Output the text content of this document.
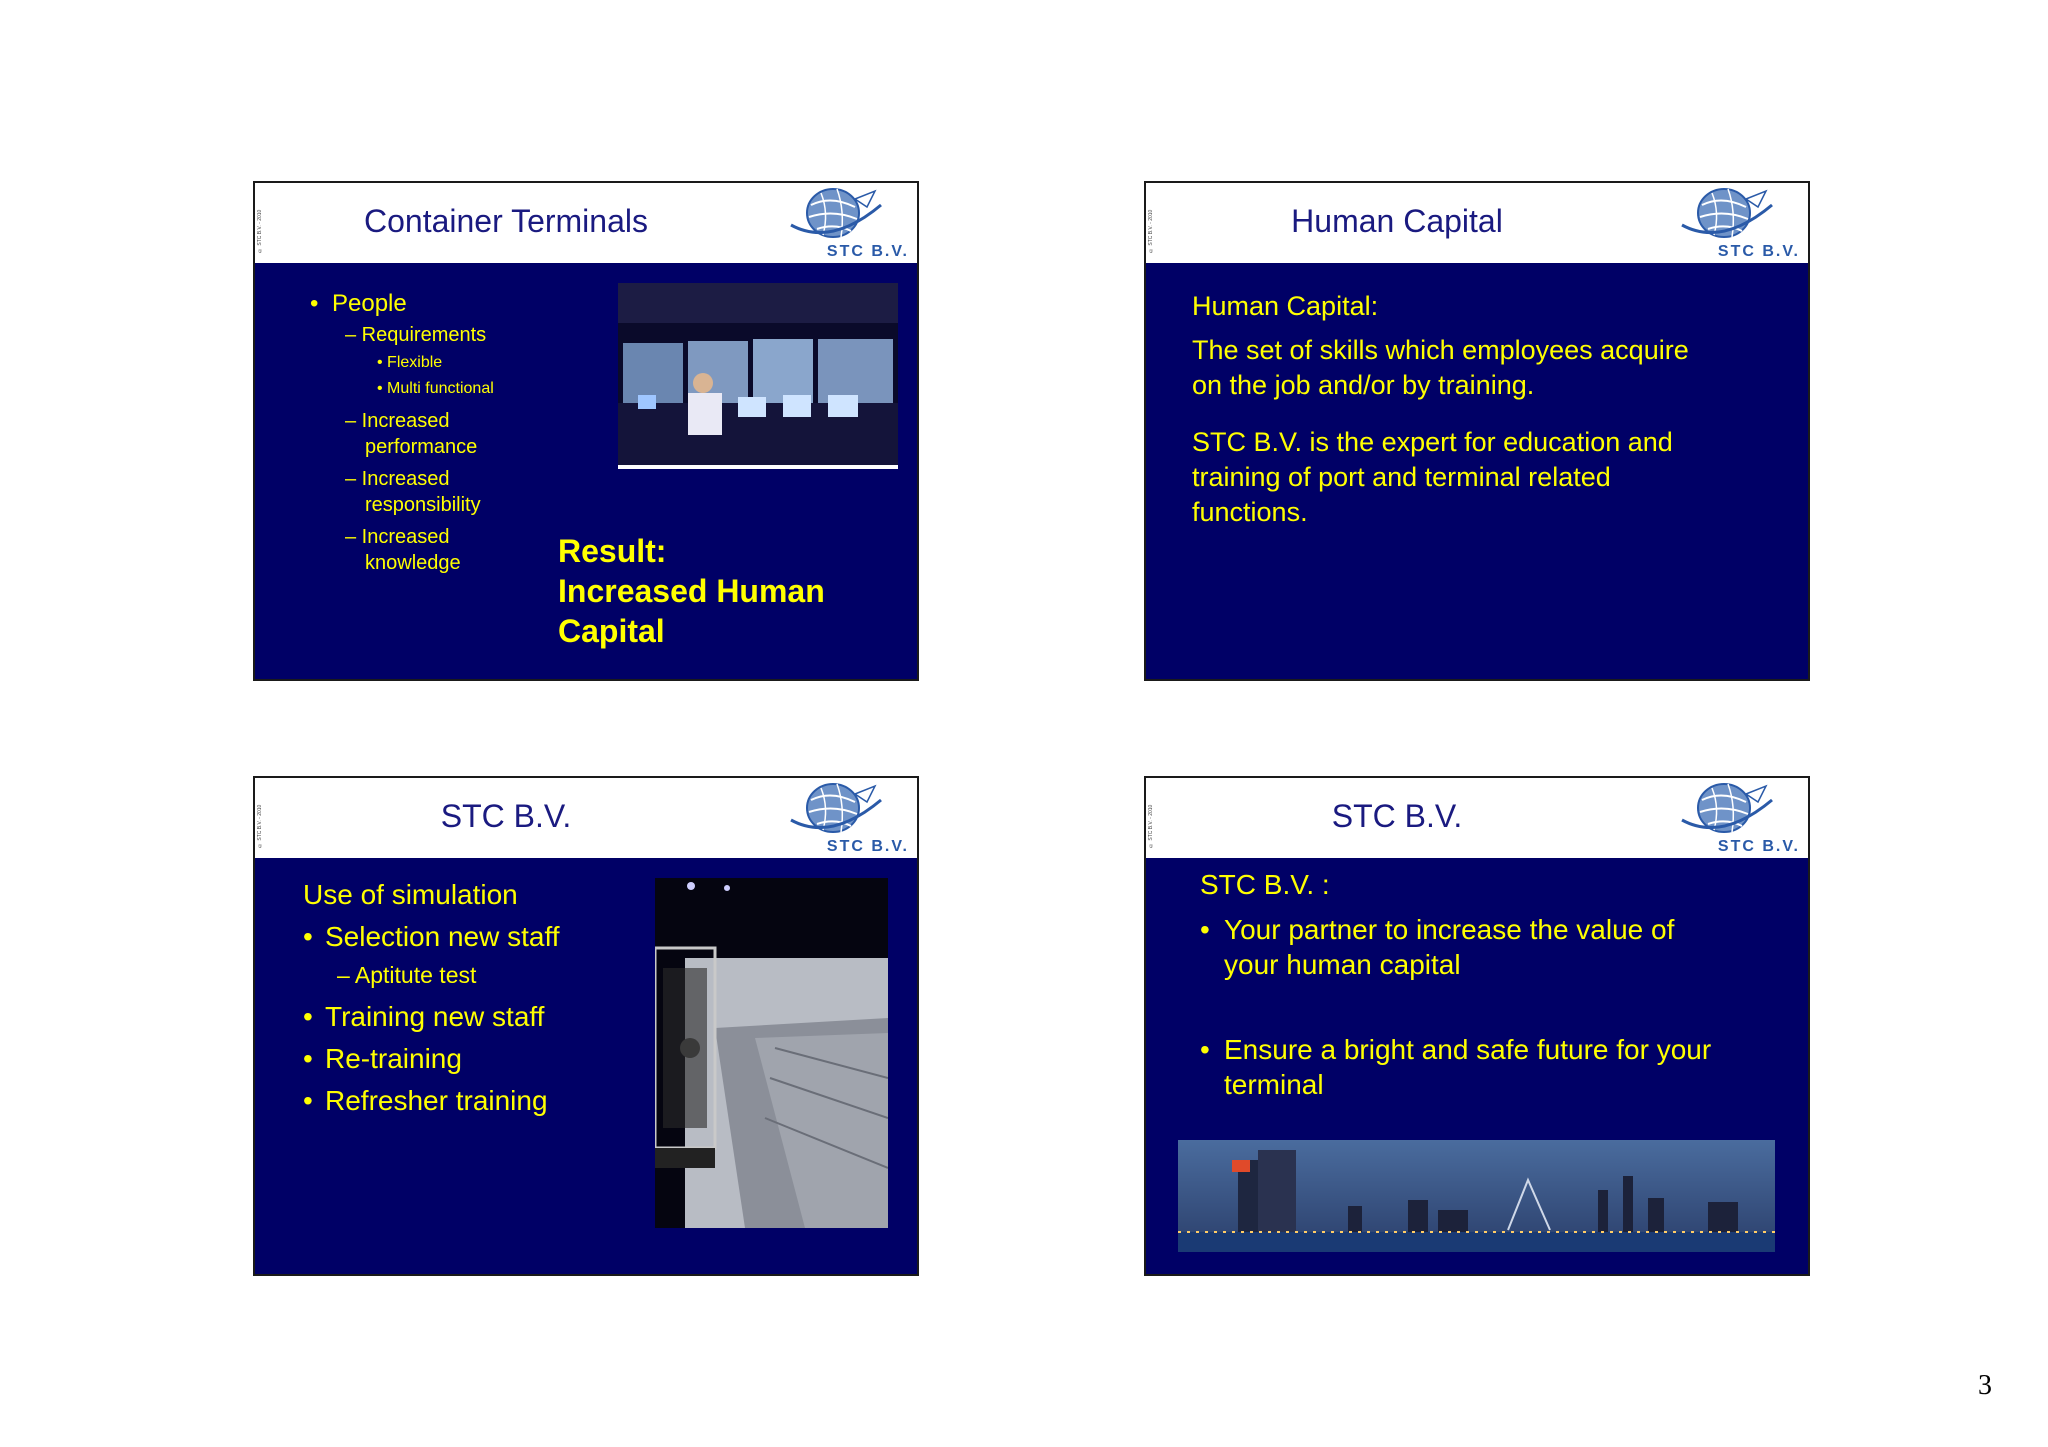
© STC B.V. - 2010	Container Terminals
STC B.V.
• People
– Requirements
• Flexible
• Multi functional
– Increased
performance
– Increased
responsibility
– Increased
knowledge	Result:
Increased Human
Capital
© STC B.V. - 2010	Human Capital
STC B.V.
Human Capital:
The set of skills which employees acquire
on the job and/or by training.
STC B.V. is the expert for education and
training of port and terminal related
functions.
© STC B.V. - 2010	STC B.V.
STC B.V.
Use of simulation
• Selection new staff
– Aptitute test
• Training new staff
• Re-training
• Refresher training
© STC B.V. - 2010	STC B.V.
STC B.V.
STC B.V. :
• Your partner to increase the value of
your human capital
• Ensure a bright and safe future for your
terminal
3
